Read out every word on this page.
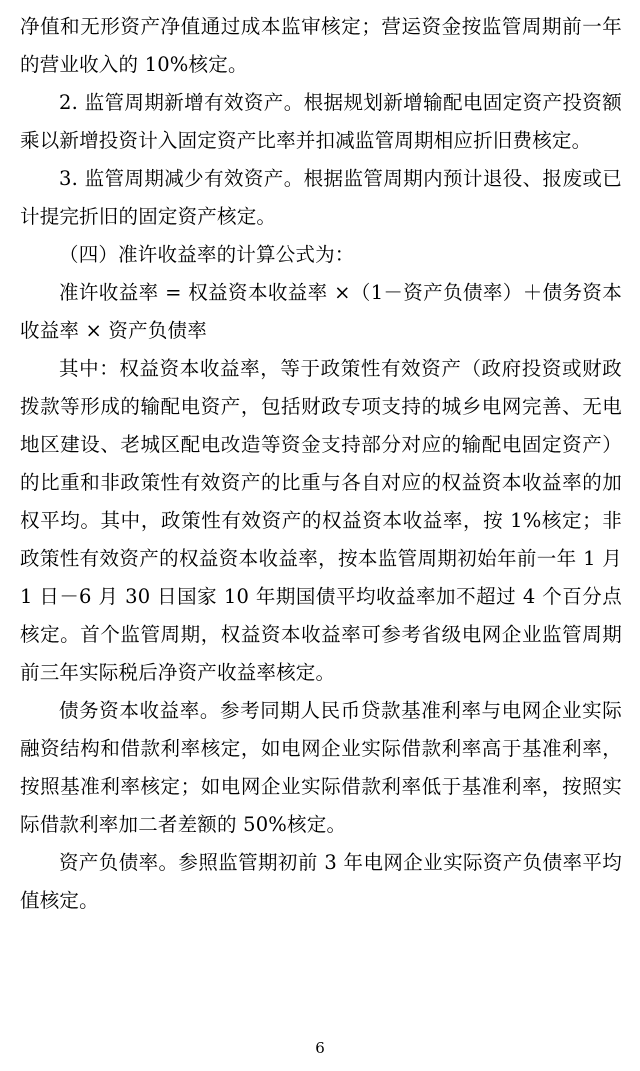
净值和无形资产净值通过成本监审核定；营运资金按监管周期前一年的营业收入的 10%核定。

2. 监管周期新增有效资产。根据规划新增输配电固定资产投资额乘以新增投资计入固定资产比率并扣减监管周期相应折旧费核定。

3. 监管周期减少有效资产。根据监管周期内预计退役、报废或已计提完折旧的固定资产核定。

（四）准许收益率的计算公式为：

准许收益率 = 权益资本收益率 ×（1－资产负债率）＋债务资本收益率 × 资产负债率

其中：权益资本收益率，等于政策性有效资产（政府投资或财政拨款等形成的输配电资产，包括财政专项支持的城乡电网完善、无电地区建设、老城区配电改造等资金支持部分对应的输配电固定资产）的比重和非政策性有效资产的比重与各自对应的权益资本收益率的加权平均。其中，政策性有效资产的权益资本收益率，按 1%核定；非政策性有效资产的权益资本收益率，按本监管周期初始年前一年 1 月 1 日－6 月 30 日国家 10 年期国债平均收益率加不超过 4 个百分点核定。首个监管周期，权益资本收益率可参考省级电网企业监管周期前三年实际税后净资产收益率核定。

债务资本收益率。参考同期人民币贷款基准利率与电网企业实际融资结构和借款利率核定，如电网企业实际借款利率高于基准利率，按照基准利率核定；如电网企业实际借款利率低于基准利率，按照实际借款利率加二者差额的 50%核定。

资产负债率。参照监管期初前 3 年电网企业实际资产负债率平均值核定。

6
